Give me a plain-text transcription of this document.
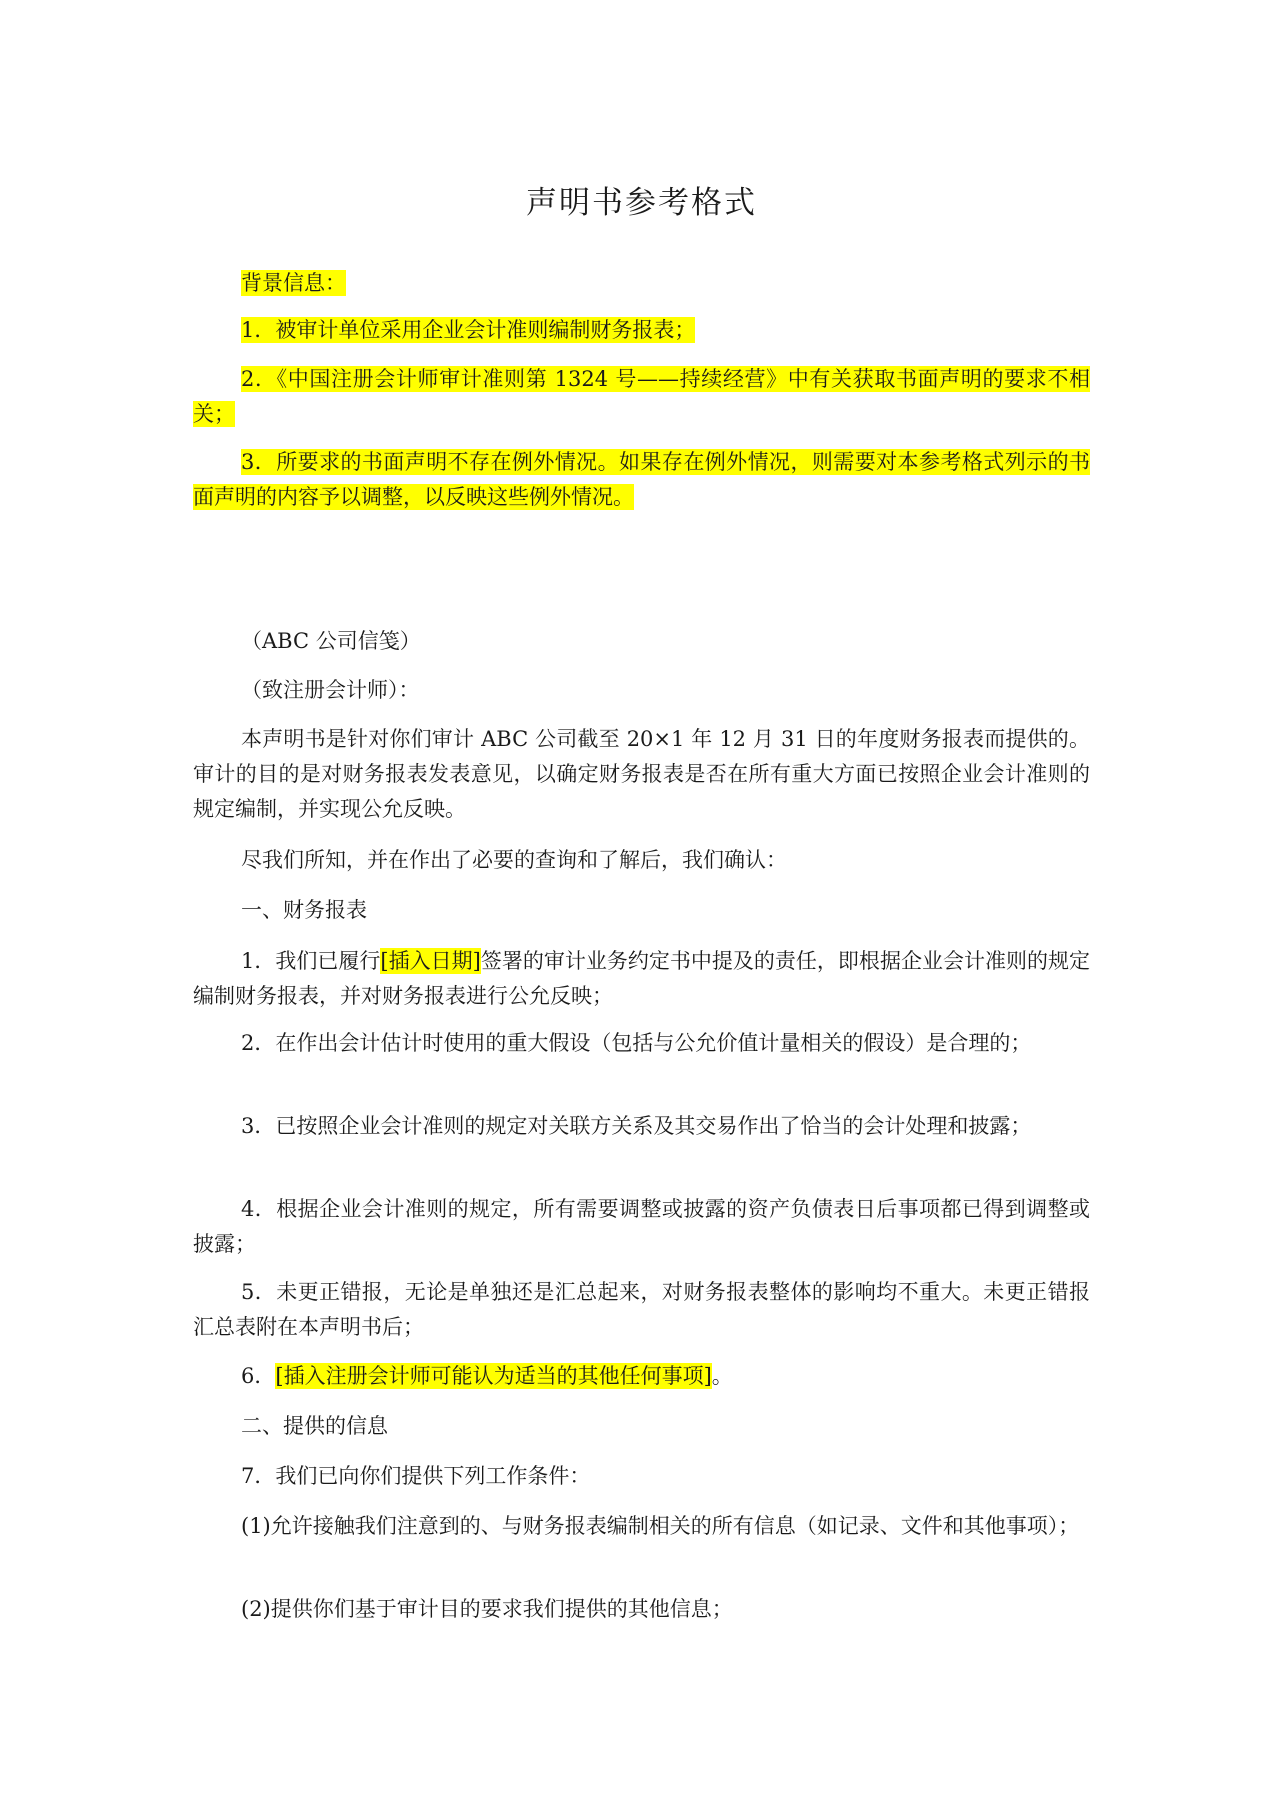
声明书参考格式

背景信息：

1．被审计单位采用企业会计准则编制财务报表；

2．《中国注册会计师审计准则第 1324 号——持续经营》中有关获取书面声明的要求不相关；

3．所要求的书面声明不存在例外情况。如果存在例外情况，则需要对本参考格式列示的书面声明的内容予以调整，以反映这些例外情况。

（ABC 公司信笺）

（致注册会计师）：

本声明书是针对你们审计 ABC 公司截至 20×1 年 12 月 31 日的年度财务报表而提供的。审计的目的是对财务报表发表意见，以确定财务报表是否在所有重大方面已按照企业会计准则的规定编制，并实现公允反映。

尽我们所知，并在作出了必要的查询和了解后，我们确认：

一、财务报表

1．我们已履行[插入日期]签署的审计业务约定书中提及的责任，即根据企业会计准则的规定编制财务报表，并对财务报表进行公允反映；

2．在作出会计估计时使用的重大假设（包括与公允价值计量相关的假设）是合理的；

3．已按照企业会计准则的规定对关联方关系及其交易作出了恰当的会计处理和披露；

4．根据企业会计准则的规定，所有需要调整或披露的资产负债表日后事项都已得到调整或披露；

5．未更正错报，无论是单独还是汇总起来，对财务报表整体的影响均不重大。未更正错报汇总表附在本声明书后；

6．[插入注册会计师可能认为适当的其他任何事项]。

二、提供的信息

7．我们已向你们提供下列工作条件：

(1)允许接触我们注意到的、与财务报表编制相关的所有信息（如记录、文件和其他事项）；

(2)提供你们基于审计目的要求我们提供的其他信息；
